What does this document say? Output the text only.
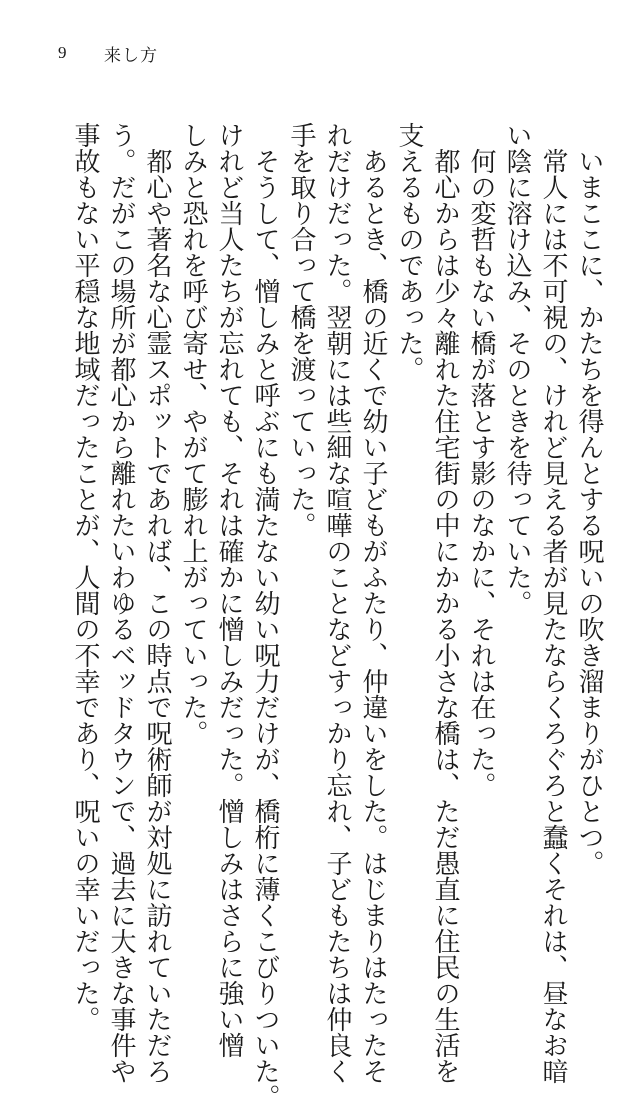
9	来し方

いまここに、かたちを得んとする呪いの吹き溜まりがひとつ。

常人には不可視の、けれど見える者が見たならくろぐろと蠢くそれは、昼なお暗

い陰に溶け込み、そのときを待っていた。

何の変哲もない橋が落とす影のなかに、それは在った。

都心からは少々離れた住宅街の中にかかる小さな橋は、ただ愚直に住民の生活を

支えるものであった。

あるとき、橋の近くで幼い子どもがふたり、仲違いをした。はじまりはたったそ

れだけだった。翌朝には些細な喧嘩のことなどすっかり忘れ、子どもたちは仲良く

手を取り合って橋を渡っていった。

そうして、憎しみと呼ぶにも満たない幼い呪力だけが、橋桁に薄くこびりついた。

けれど当人たちが忘れても、それは確かに憎しみだった。憎しみはさらに強い憎

しみと恐れを呼び寄せ、やがて膨れ上がっていった。

都心や著名な心霊スポットであれば、この時点で呪術師が対処に訪れていただろ

う。だがこの場所が都心から離れたいわゆるベッドタウンで、過去に大きな事件や

事故もない平穏な地域だったことが、人間の不幸であり、呪いの幸いだった。
